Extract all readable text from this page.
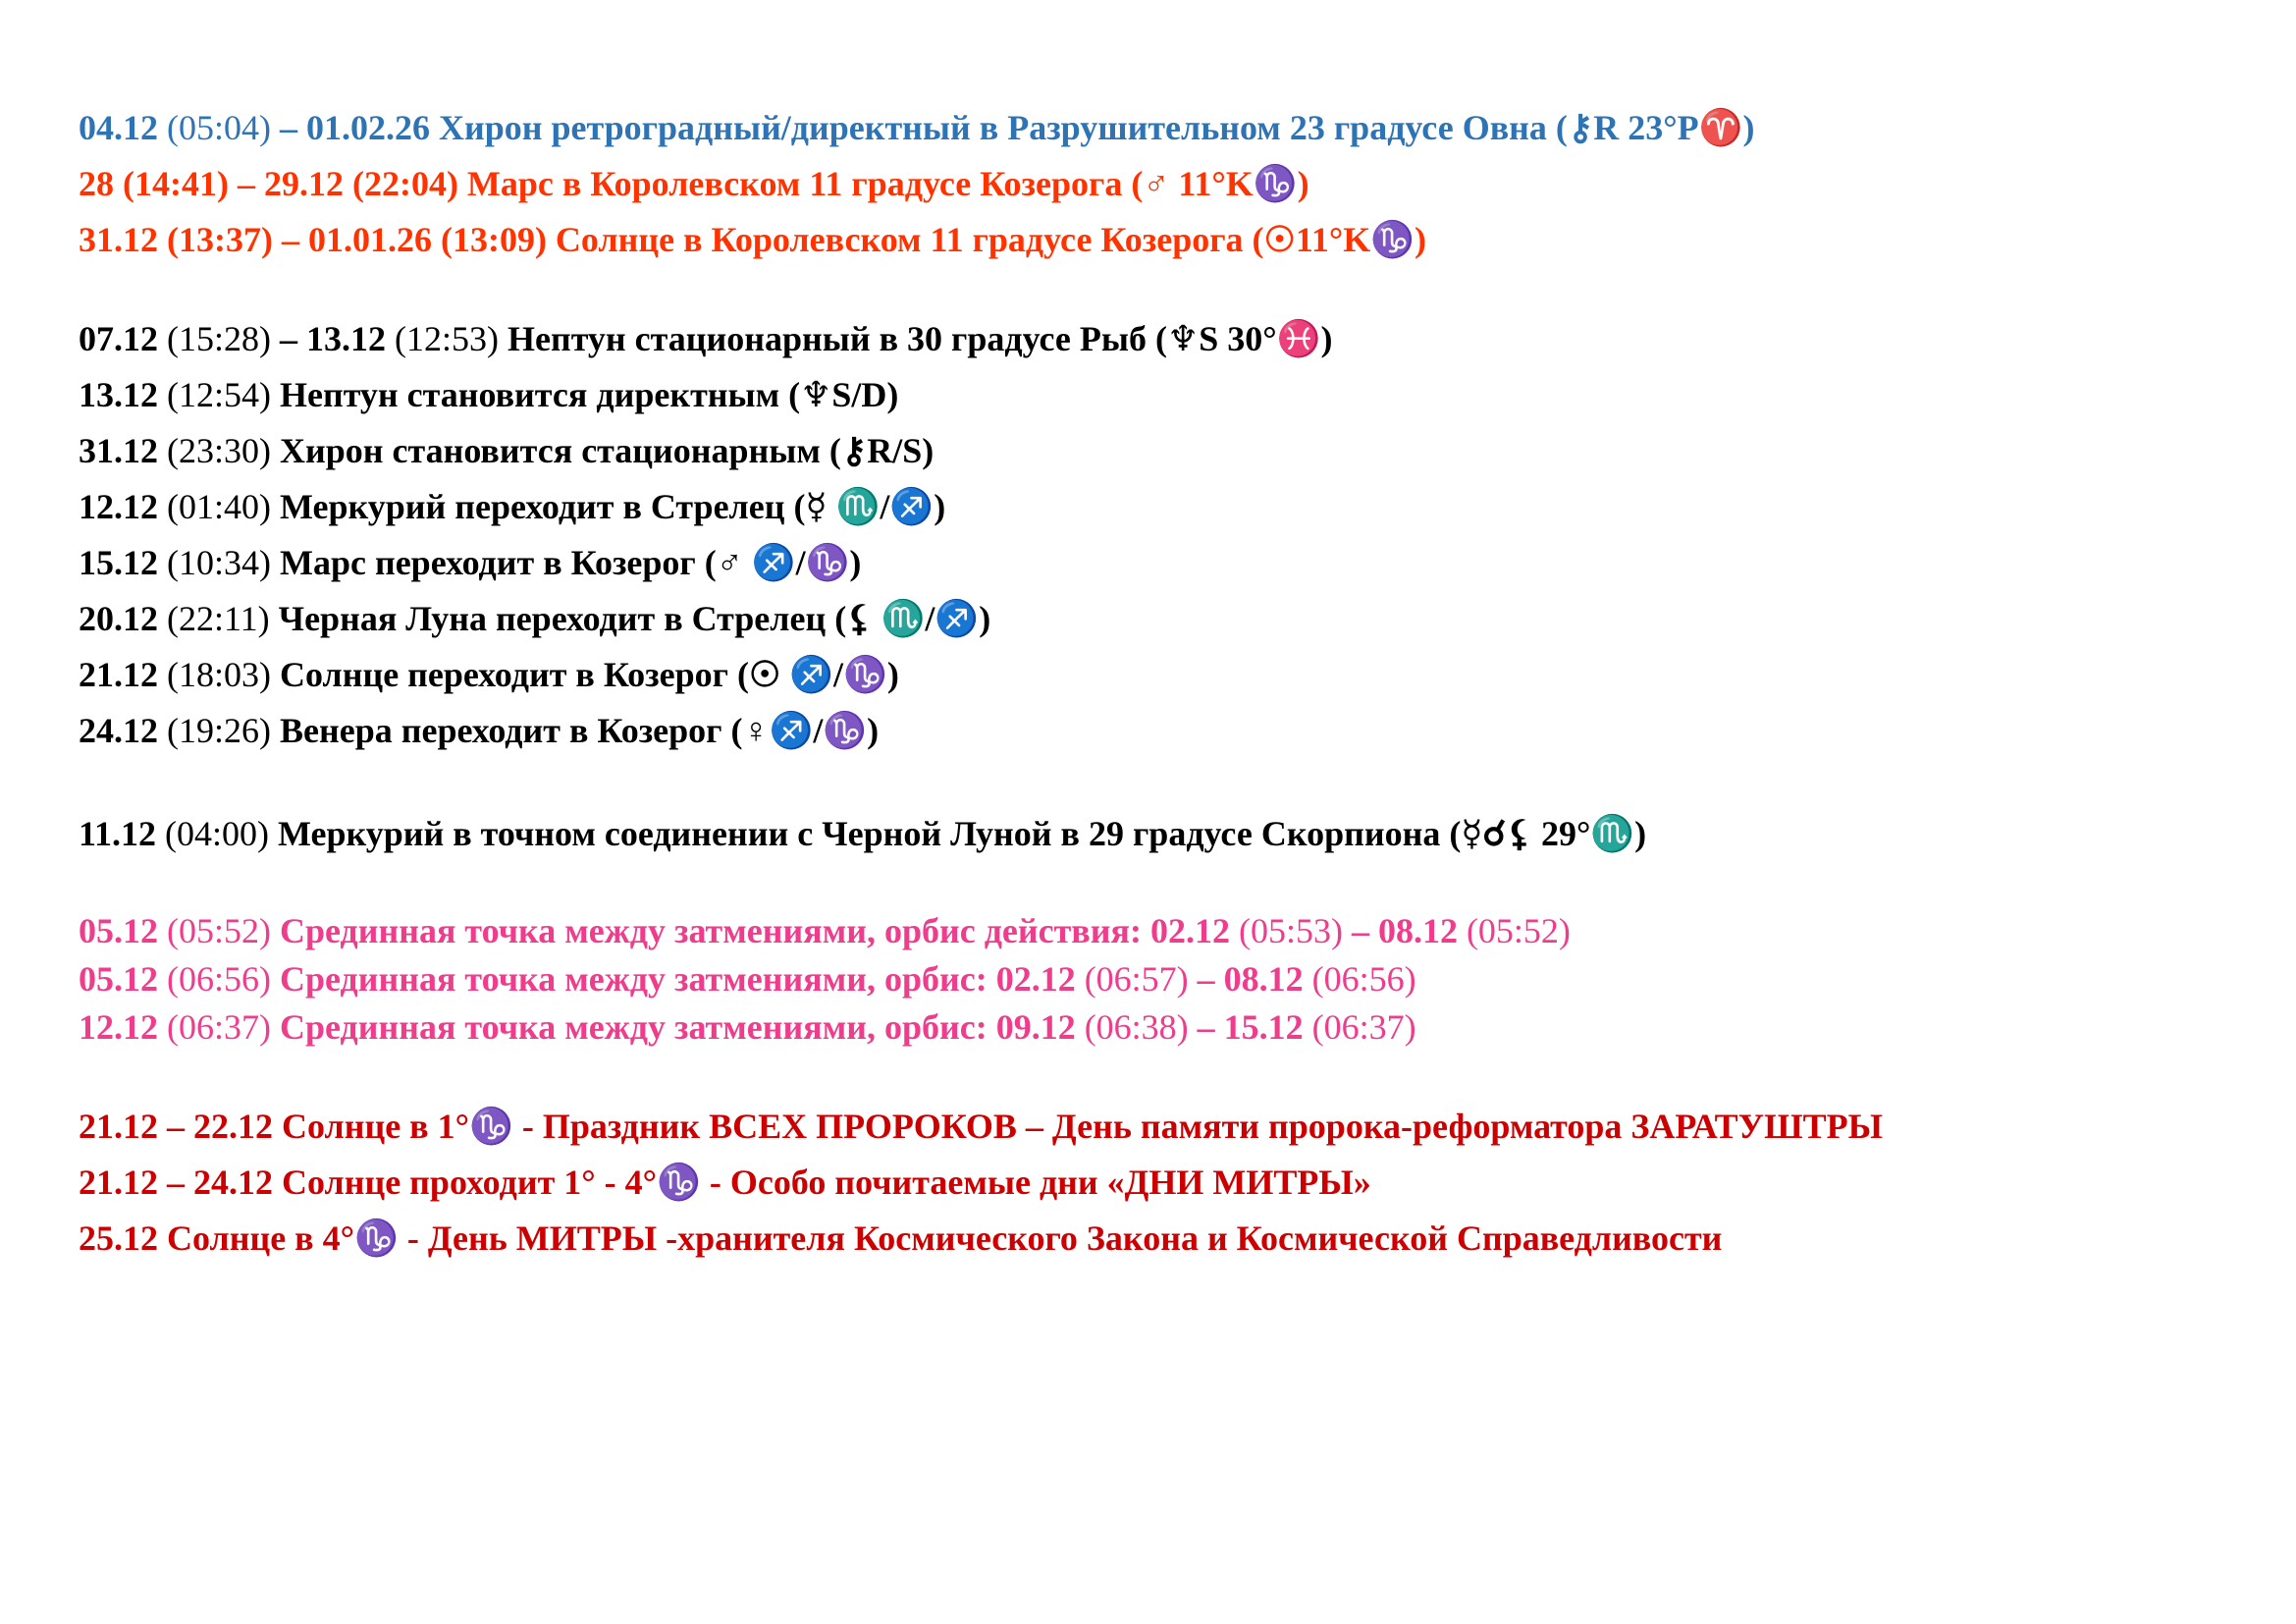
04.12 (05:04) – 01.02.26 Хирон ретроградный/директный в Разрушительном 23 градусе Овна (⚷R 23°P♈)
28 (14:41) – 29.12 (22:04) Марс в Королевском 11 градусе Козерога (♂ 11°K♑)
31.12 (13:37) – 01.01.26 (13:09) Солнце в Королевском 11 градусе Козерога (☉11°K♑)
07.12 (15:28) – 13.12 (12:53) Нептун стационарный в 30 градусе Рыб (♆S 30°♓)
13.12 (12:54) Нептун становится директным (♆S/D)
31.12 (23:30) Хирон становится стационарным (⚷R/S)
12.12 (01:40) Меркурий переходит в Стрелец (☿ ♏/♐)
15.12 (10:34) Марс переходит в Козерог (♂ ♐/♑)
20.12 (22:11) Черная Луна переходит в Стрелец (⚸ ♏/♐)
21.12 (18:03) Солнце переходит в Козерог (☉ ♐/♑)
24.12 (19:26) Венера переходит в Козерог (♀♐/♑)
11.12 (04:00) Меркурий в точном соединении с Черной Луной в 29 градусе Скорпиона (☿☌⚸ 29°♏)
05.12 (05:52) Срединная точка между затмениями, орбис действия: 02.12 (05:53) – 08.12 (05:52)
05.12 (06:56) Срединная точка между затмениями, орбис: 02.12 (06:57) – 08.12 (06:56)
12.12 (06:37) Срединная точка между затмениями, орбис: 09.12 (06:38) – 15.12 (06:37)
21.12 – 22.12 Солнце в 1°♑ - Праздник ВСЕХ ПРОРОКОВ – День памяти пророка-реформатора ЗАРАТУШТРЫ
21.12 – 24.12 Солнце проходит 1° - 4°♑ - Особо почитаемые дни «ДНИ МИТРЫ»
25.12 Солнце в 4°♑ - День МИТРЫ -хранителя Космического Закона и Космической Справедливости
